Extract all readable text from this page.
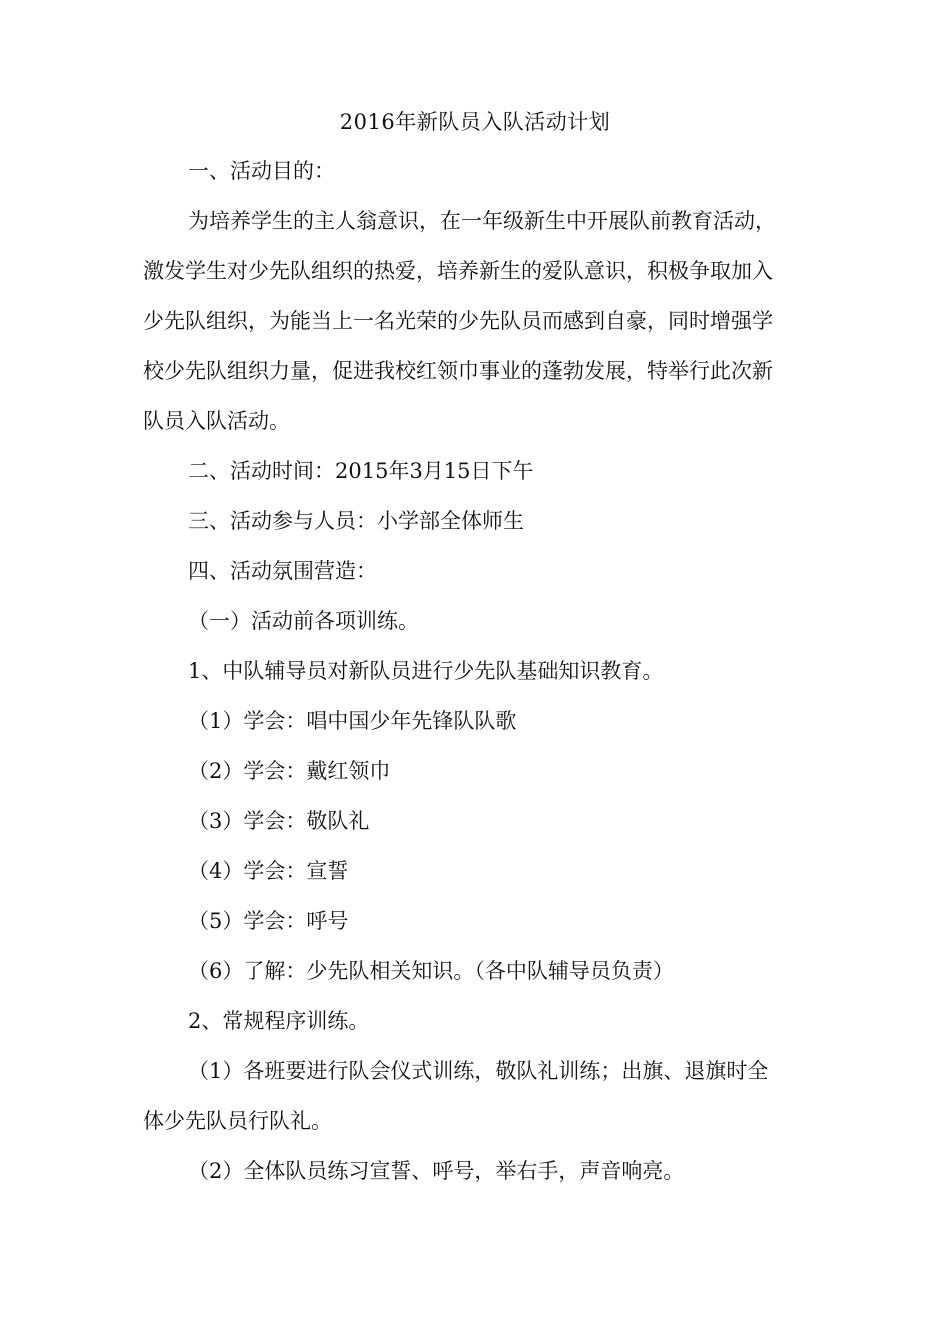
2016年新队员入队活动计划
一、活动目的：
为培养学生的主人翁意识，在一年级新生中开展队前教育活动，
激发学生对少先队组织的热爱，培养新生的爱队意识，积极争取加入
少先队组织，为能当上一名光荣的少先队员而感到自豪，同时增强学
校少先队组织力量，促进我校红领巾事业的蓬勃发展，特举行此次新
队员入队活动。
二、活动时间：2015年3月15日下午
三、活动参与人员：小学部全体师生
四、活动氛围营造：
（一）活动前各项训练。
1、中队辅导员对新队员进行少先队基础知识教育。
（1）学会：唱中国少年先锋队队歌
（2）学会：戴红领巾
（3）学会：敬队礼
（4）学会：宣誓
（5）学会：呼号
（6）了解：少先队相关知识。（各中队辅导员负责）
2、常规程序训练。
（1）各班要进行队会仪式训练，敬队礼训练；出旗、退旗时全
体少先队员行队礼。
（2）全体队员练习宣誓、呼号，举右手，声音响亮。
